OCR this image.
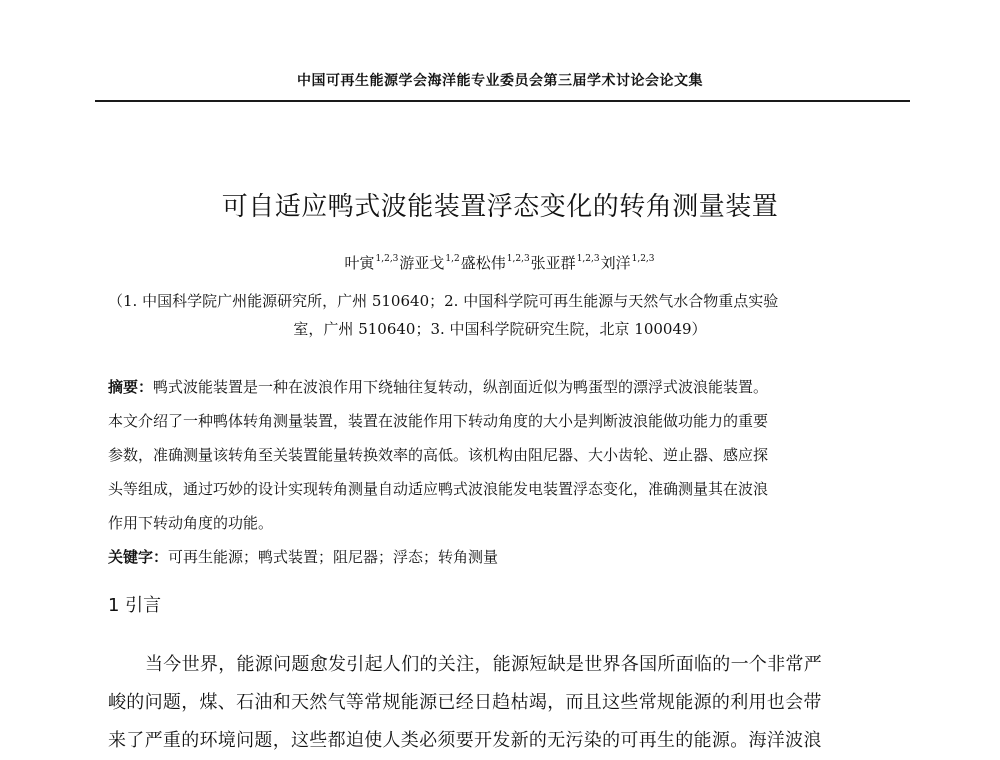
中国可再生能源学会海洋能专业委员会第三届学术讨论会论文集
可自适应鸭式波能装置浮态变化的转角测量装置
叶寅$^{1,2,3}$游亚戈$^{1,2}$盛松伟$^{1,2,3}$张亚群$^{1,2,3}$刘洋$^{1,2,3}$
（1. 中国科学院广州能源研究所，广州 510640；2. 中国科学院可再生能源与天然气水合物重点实验
室，广州 510640；3. 中国科学院研究生院，北京 100049）
摘要：鸭式波能装置是一种在波浪作用下绕轴往复转动，纵剖面近似为鸭蛋型的漂浮式波浪能装置。
本文介绍了一种鸭体转角测量装置，装置在波能作用下转动角度的大小是判断波浪能做功能力的重要
参数，准确测量该转角至关装置能量转换效率的高低。该机构由阻尼器、大小齿轮、逆止器、感应探
头等组成，通过巧妙的设计实现转角测量自动适应鸭式波浪能发电装置浮态变化，准确测量其在波浪
作用下转动角度的功能。
关键字：可再生能源；鸭式装置；阻尼器；浮态；转角测量
1 引言
当今世界，能源问题愈发引起人们的关注，能源短缺是世界各国所面临的一个非常严
峻的问题，煤、石油和天然气等常规能源已经日趋枯竭，而且这些常规能源的利用也会带
来了严重的环境问题，这些都迫使人类必须要开发新的无污染的可再生的能源。海洋波浪
